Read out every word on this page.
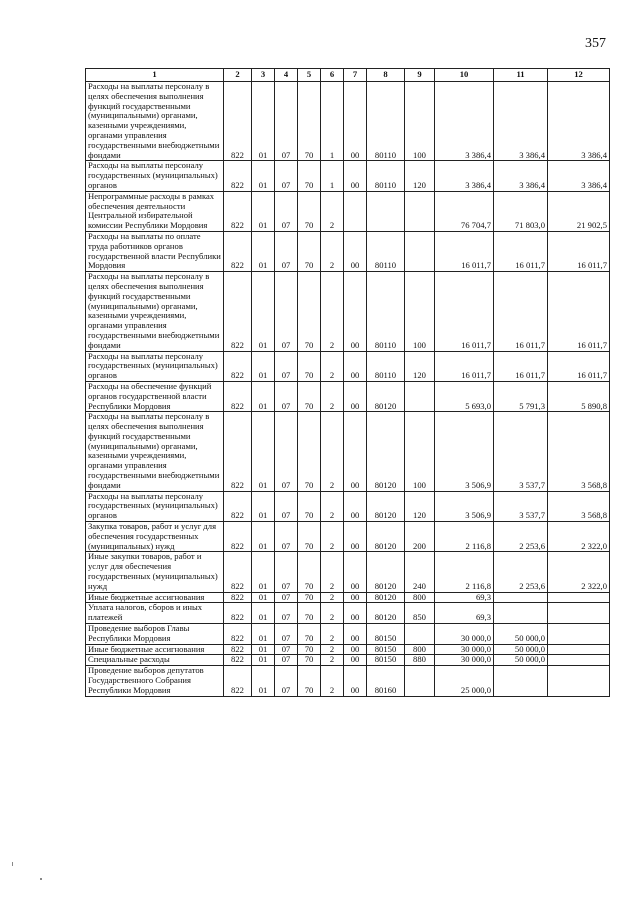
357
1	2	3	4	5	6	7	8	9	10	11	12
Расходы на выплаты персоналу в целях обеспечения выполнения функций государственными (муниципальными) органами, казенными учреждениями, органами управления государственными внебюджетными фондами	822	01	07	70	1	00	80110	100	3 386,4	3 386,4	3 386,4
Расходы на выплаты персоналу государственных (муниципальных) органов	822	01	07	70	1	00	80110	120	3 386,4	3 386,4	3 386,4
Непрограммные расходы в рамках обеспечения деятельности Центральной избирательной комиссии Республики Мордовия	822	01	07	70	2				76 704,7	71 803,0	21 902,5
Расходы на выплаты по оплате труда работников органов государственной власти Республики Мордовия	822	01	07	70	2	00	80110		16 011,7	16 011,7	16 011,7
Расходы на выплаты персоналу в целях обеспечения выполнения функций государственными (муниципальными) органами, казенными учреждениями, органами управления государственными внебюджетными фондами	822	01	07	70	2	00	80110	100	16 011,7	16 011,7	16 011,7
Расходы на выплаты персоналу государственных (муниципальных) органов	822	01	07	70	2	00	80110	120	16 011,7	16 011,7	16 011,7
Расходы на обеспечение функций органов государственной власти Республики Мордовия	822	01	07	70	2	00	80120		5 693,0	5 791,3	5 890,8
Расходы на выплаты персоналу в целях обеспечения выполнения функций государственными (муниципальными) органами, казенными учреждениями, органами управления государственными внебюджетными фондами	822	01	07	70	2	00	80120	100	3 506,9	3 537,7	3 568,8
Расходы на выплаты персоналу государственных (муниципальных) органов	822	01	07	70	2	00	80120	120	3 506,9	3 537,7	3 568,8
Закупка товаров, работ и услуг для обеспечения государственных (муниципальных) нужд	822	01	07	70	2	00	80120	200	2 116,8	2 253,6	2 322,0
Иные закупки товаров, работ и услуг для обеспечения государственных (муниципальных) нужд	822	01	07	70	2	00	80120	240	2 116,8	2 253,6	2 322,0
Иные бюджетные ассигнования	822	01	07	70	2	00	80120	800	69,3		
Уплата налогов, сборов и иных платежей	822	01	07	70	2	00	80120	850	69,3		
Проведение выборов Главы Республики Мордовия	822	01	07	70	2	00	80150		30 000,0	50 000,0	
Иные бюджетные ассигнования	822	01	07	70	2	00	80150	800	30 000,0	50 000,0	
Специальные расходы	822	01	07	70	2	00	80150	880	30 000,0	50 000,0	
Проведение выборов депутатов Государственного Собрания Республики Мордовия	822	01	07	70	2	00	80160		25 000,0		
